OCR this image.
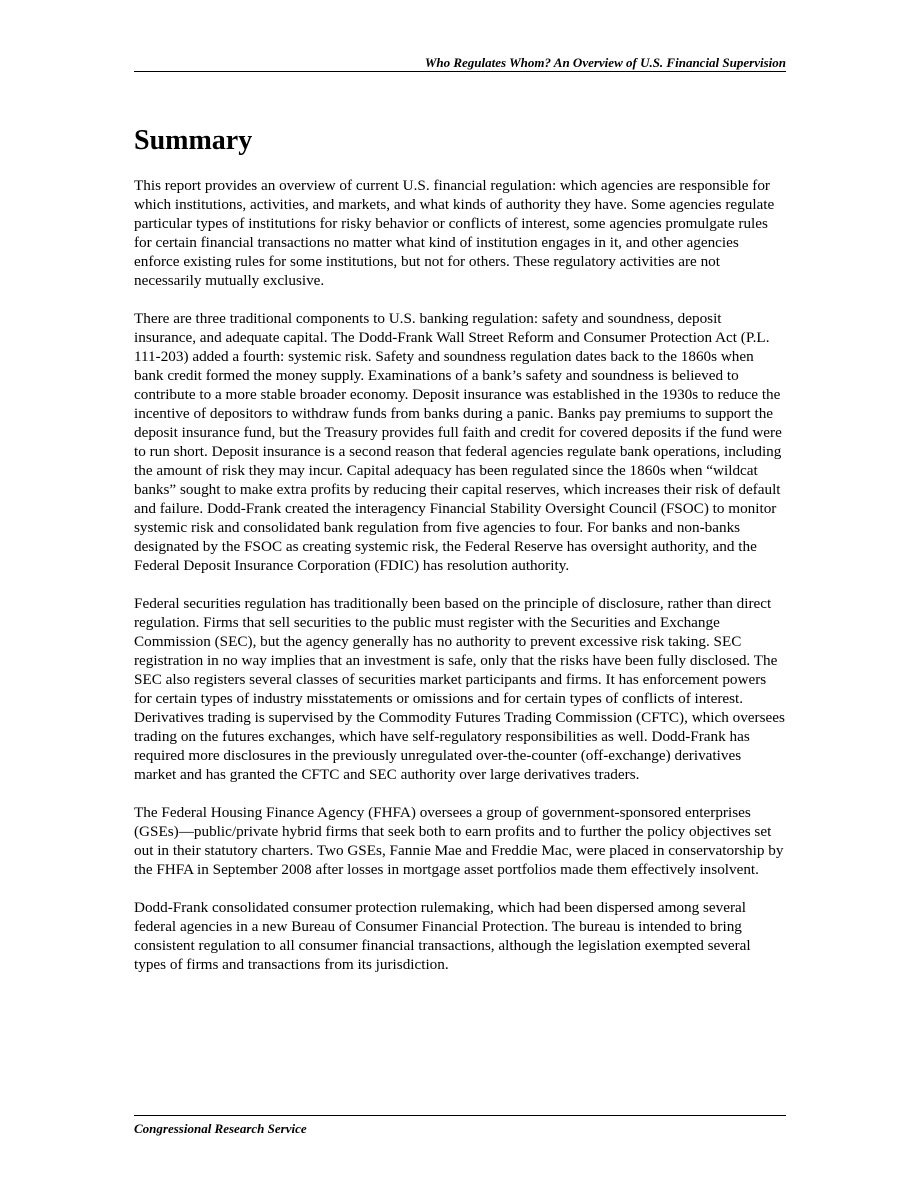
Who Regulates Whom? An Overview of U.S. Financial Supervision
Summary

This report provides an overview of current U.S. financial regulation: which agencies are responsible for which institutions, activities, and markets, and what kinds of authority they have. Some agencies regulate particular types of institutions for risky behavior or conflicts of interest, some agencies promulgate rules for certain financial transactions no matter what kind of institution engages in it, and other agencies enforce existing rules for some institutions, but not for others. These regulatory activities are not necessarily mutually exclusive.

There are three traditional components to U.S. banking regulation: safety and soundness, deposit insurance, and adequate capital. The Dodd-Frank Wall Street Reform and Consumer Protection Act (P.L. 111-203) added a fourth: systemic risk. Safety and soundness regulation dates back to the 1860s when bank credit formed the money supply. Examinations of a bank’s safety and soundness is believed to contribute to a more stable broader economy. Deposit insurance was established in the 1930s to reduce the incentive of depositors to withdraw funds from banks during a panic. Banks pay premiums to support the deposit insurance fund, but the Treasury provides full faith and credit for covered deposits if the fund were to run short. Deposit insurance is a second reason that federal agencies regulate bank operations, including the amount of risk they may incur. Capital adequacy has been regulated since the 1860s when “wildcat banks” sought to make extra profits by reducing their capital reserves, which increases their risk of default and failure. Dodd-Frank created the interagency Financial Stability Oversight Council (FSOC) to monitor systemic risk and consolidated bank regulation from five agencies to four. For banks and non-banks designated by the FSOC as creating systemic risk, the Federal Reserve has oversight authority, and the Federal Deposit Insurance Corporation (FDIC) has resolution authority.

Federal securities regulation has traditionally been based on the principle of disclosure, rather than direct regulation. Firms that sell securities to the public must register with the Securities and Exchange Commission (SEC), but the agency generally has no authority to prevent excessive risk taking. SEC registration in no way implies that an investment is safe, only that the risks have been fully disclosed. The SEC also registers several classes of securities market participants and firms. It has enforcement powers for certain types of industry misstatements or omissions and for certain types of conflicts of interest. Derivatives trading is supervised by the Commodity Futures Trading Commission (CFTC), which oversees trading on the futures exchanges, which have self-regulatory responsibilities as well. Dodd-Frank has required more disclosures in the previously unregulated over-the-counter (off-exchange) derivatives market and has granted the CFTC and SEC authority over large derivatives traders.

The Federal Housing Finance Agency (FHFA) oversees a group of government-sponsored enterprises (GSEs)—public/private hybrid firms that seek both to earn profits and to further the policy objectives set out in their statutory charters. Two GSEs, Fannie Mae and Freddie Mac, were placed in conservatorship by the FHFA in September 2008 after losses in mortgage asset portfolios made them effectively insolvent.

Dodd-Frank consolidated consumer protection rulemaking, which had been dispersed among several federal agencies in a new Bureau of Consumer Financial Protection. The bureau is intended to bring consistent regulation to all consumer financial transactions, although the legislation exempted several types of firms and transactions from its jurisdiction.

Congressional Research Service
